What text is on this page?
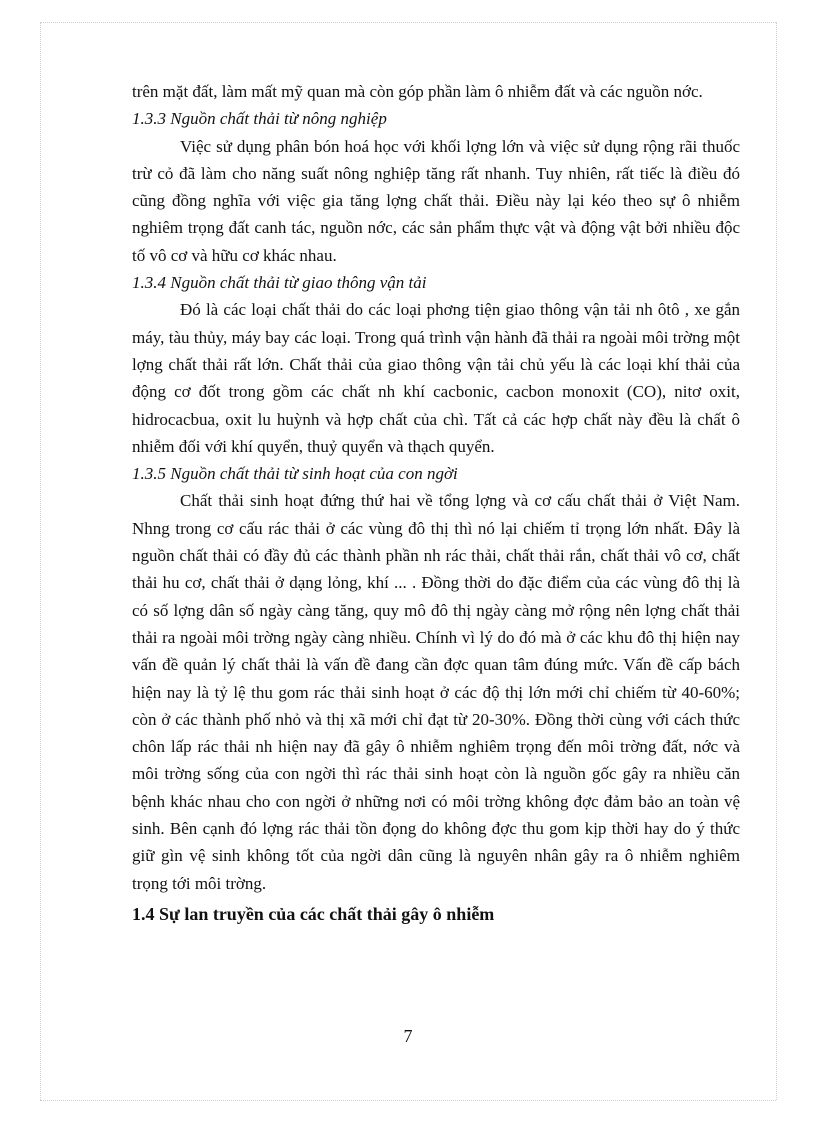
trên mặt đất, làm mất mỹ quan mà còn góp phần làm ô nhiễm đất và các nguồn nớc.

1.3.3 Nguồn chất thải từ nông nghiệp

Việc sử dụng phân bón hoá học với khối lợng lớn và việc sử dụng rộng rãi thuốc trừ cỏ đã làm cho năng suất nông nghiệp tăng rất nhanh. Tuy nhiên, rất tiếc là điều đó cũng đồng nghĩa với việc gia tăng lợng chất thải. Điều này lại kéo theo sự ô nhiễm nghiêm trọng đất canh tác, nguồn nớc, các sản phẩm thực vật và động vật bởi nhiều độc tố vô cơ và hữu cơ khác nhau.

1.3.4 Nguồn chất thải từ giao thông vận tải

Đó là các loại chất thải do các loại phơng tiện giao thông vận tải nh ôtô , xe gắn máy, tàu thủy, máy bay các loại. Trong quá trình vận hành đã thải ra ngoài môi trờng một lợng chất thải rất lớn. Chất thải của giao thông vận tải chủ yếu là các loại khí thải của động cơ đốt trong gồm các chất nh khí cacbonic, cacbon monoxit (CO), nitơ oxit, hidrocacbua, oxit lu huỳnh và hợp chất của chì. Tất cả các hợp chất này đều là chất ô nhiễm đối với khí quyển, thuỷ quyển và thạch quyển.

1.3.5 Nguồn chất thải từ sinh hoạt của con ngời

Chất thải sinh hoạt đứng thứ hai về tổng lợng và cơ cấu chất thải ở Việt Nam. Nhng trong cơ cấu rác thải ở các vùng đô thị thì nó lại chiếm tỉ trọng lớn nhất. Đây là nguồn chất thải có đầy đủ các thành phần nh rác thải, chất thải rắn, chất thải vô cơ, chất thải hu cơ, chất thải ở dạng lỏng, khí ... . Đồng thời do đặc điểm của các vùng đô thị là có số lợng dân số ngày càng tăng, quy mô đô thị ngày càng mở rộng nên lợng chất thải thải ra ngoài môi trờng ngày càng nhiều. Chính vì lý do đó mà ở các khu đô thị hiện nay vấn đề quản lý chất thải là vấn đề đang cần đợc quan tâm đúng mức. Vấn đề cấp bách hiện nay là tỷ lệ thu gom rác thải sinh hoạt ở các độ thị lớn mới chỉ chiếm từ 40-60%; còn ở các thành phố nhỏ và thị xã mới chỉ đạt từ 20-30%. Đồng thời cùng với cách thức chôn lấp rác thải nh hiện nay đã gây ô nhiễm nghiêm trọng đến môi trờng đất, nớc và môi trờng sống của con ngời thì rác thải sinh hoạt còn là nguồn gốc gây ra nhiều căn bệnh khác nhau cho con ngời ở những nơi có môi trờng không đợc đảm bảo an toàn vệ sinh. Bên cạnh đó lợng rác thải tồn đọng do không đợc thu gom kịp thời hay do ý thức giữ gìn vệ sinh không tốt của ngời dân cũng là nguyên nhân gây ra ô nhiễm nghiêm trọng tới môi trờng.

1.4 Sự lan truyền của các chất thải gây ô nhiễm
7
